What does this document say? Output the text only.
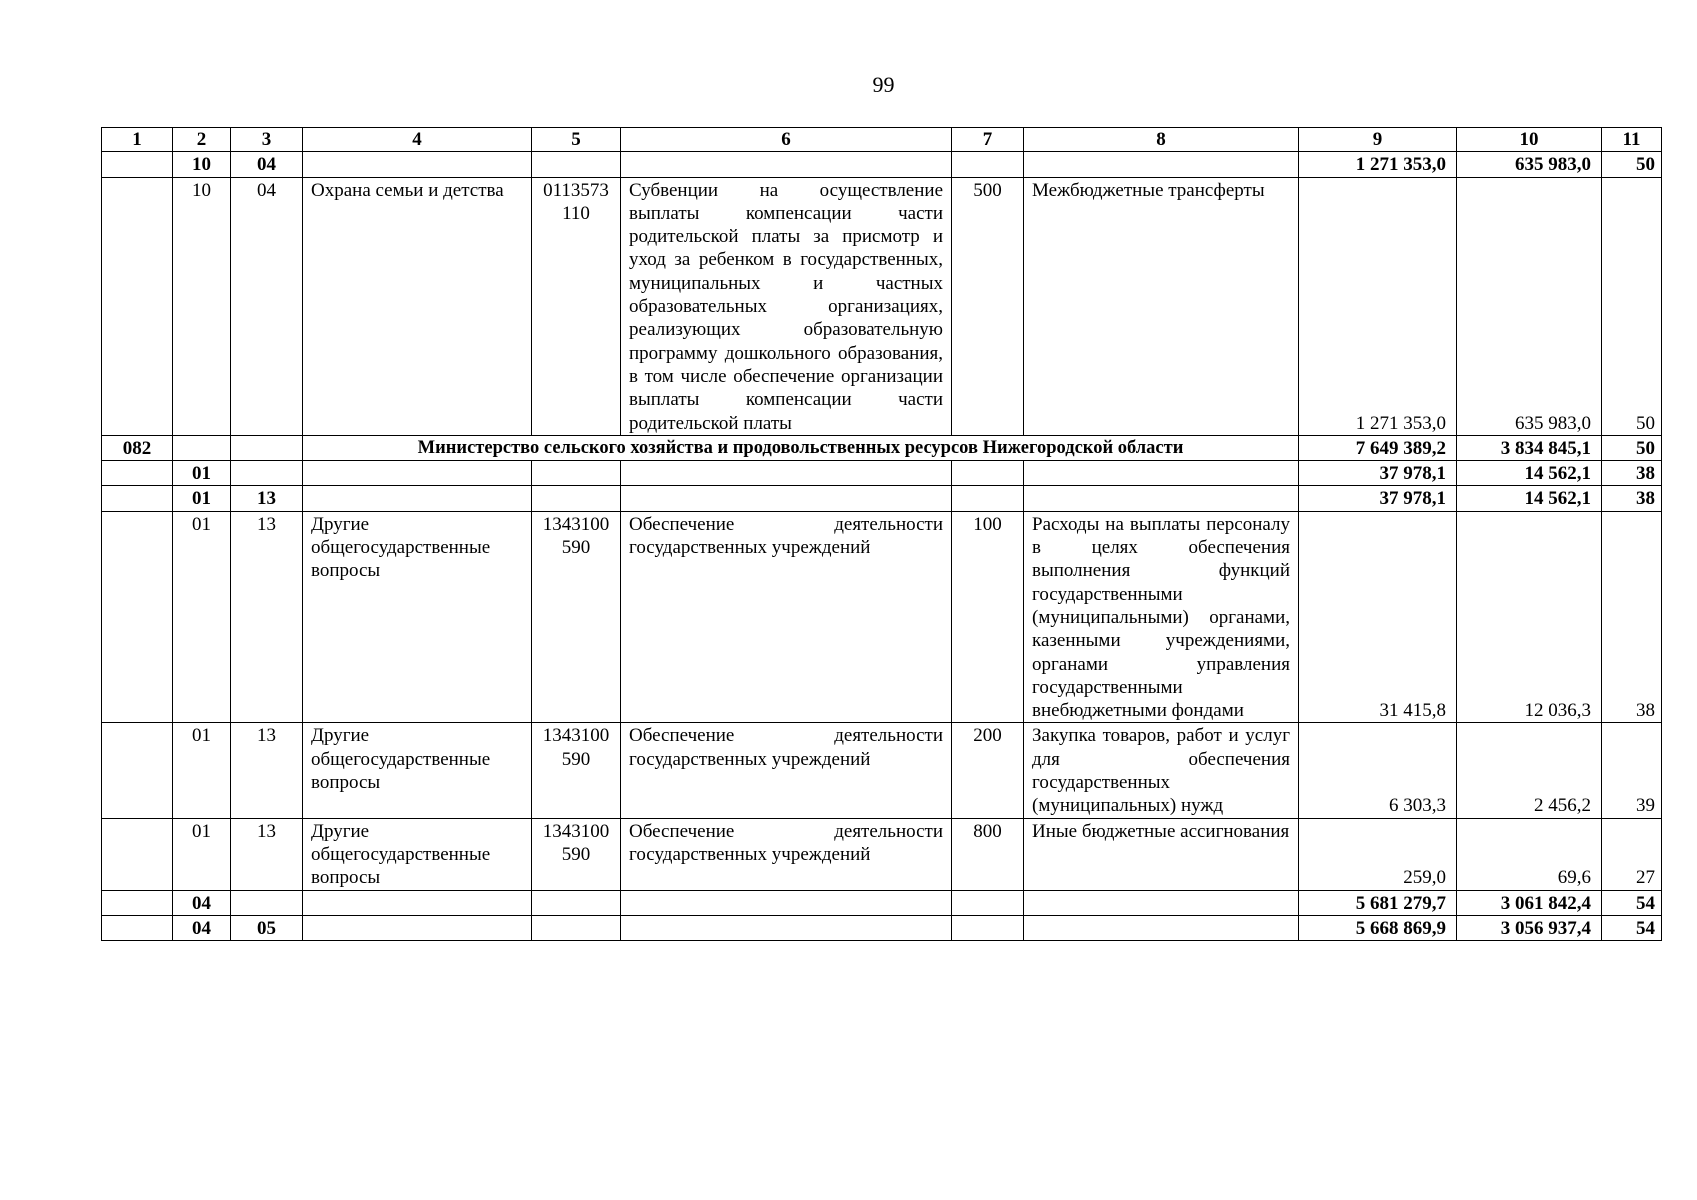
99
1	2	3	4	5	6	7	8	9	10	11
	10	04						1 271 353,0	635 983,0	50
	10	04	Охрана семьи и детства	0113573110	Субвенции на осуществление выплаты компенсации части родительской платы за присмотр и уход за ребенком в государственных, муниципальных и частных образовательных организациях, реализующих образовательную программу дошкольного образования, в том числе обеспечение организации выплаты компенсации части родительской платы	500	Межбюджетные трансферты	1 271 353,0	635 983,0	50
082			Министерство сельского хозяйства и продовольственных ресурсов Нижегородской области					7 649 389,2	3 834 845,1	50
	01							37 978,1	14 562,1	38
	01	13						37 978,1	14 562,1	38
	01	13	Другие общегосударственные вопросы	1343100590	Обеспечение деятельности государственных учреждений	100	Расходы на выплаты персоналу в целях обеспечения выполнения функций государственными (муниципальными) органами, казенными учреждениями, органами управления государственными внебюджетными фондами	31 415,8	12 036,3	38
	01	13	Другие общегосударственные вопросы	1343100590	Обеспечение деятельности государственных учреждений	200	Закупка товаров, работ и услуг для обеспечения государственных (муниципальных) нужд	6 303,3	2 456,2	39
	01	13	Другие общегосударственные вопросы	1343100590	Обеспечение деятельности государственных учреждений	800	Иные бюджетные ассигнования	259,0	69,6	27
	04							5 681 279,7	3 061 842,4	54
	04	05						5 668 869,9	3 056 937,4	54
